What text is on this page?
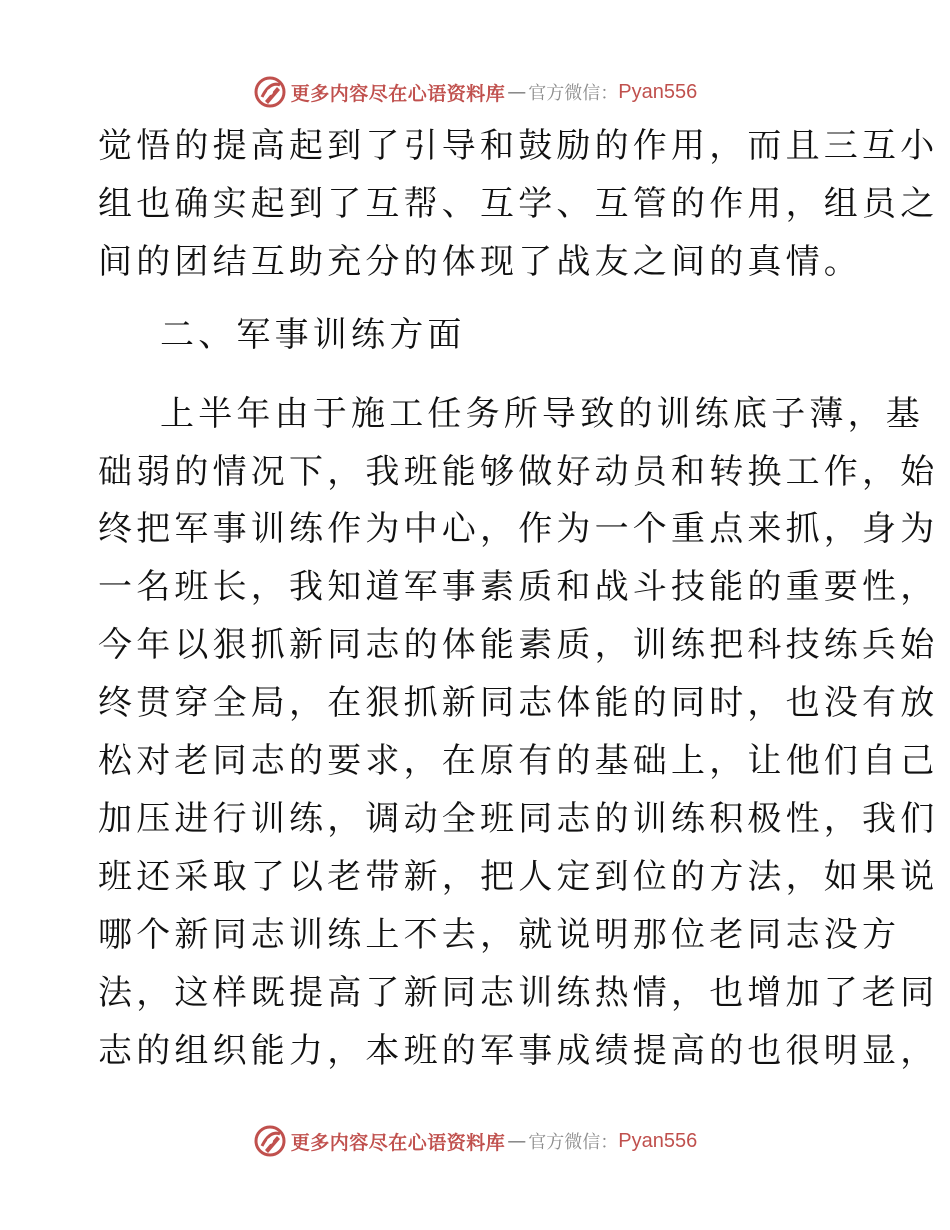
更多内容尽在心语资料库 — 官方微信： Pyan556
觉悟的提高起到了引导和鼓励的作用，而且三互小
组也确实起到了互帮、互学、互管的作用，组员之
间的团结互助充分的体现了战友之间的真情。
二、军事训练方面
上半年由于施工任务所导致的训练底子薄，基
础弱的情况下，我班能够做好动员和转换工作，始
终把军事训练作为中心，作为一个重点来抓，身为
一名班长，我知道军事素质和战斗技能的重要性，
今年以狠抓新同志的体能素质，训练把科技练兵始
终贯穿全局，在狠抓新同志体能的同时，也没有放
松对老同志的要求，在原有的基础上，让他们自己
加压进行训练，调动全班同志的训练积极性，我们
班还采取了以老带新，把人定到位的方法，如果说
哪个新同志训练上不去，就说明那位老同志没方
法，这样既提高了新同志训练热情，也增加了老同
志的组织能力，本班的军事成绩提高的也很明显，
更多内容尽在心语资料库 — 官方微信： Pyan556
